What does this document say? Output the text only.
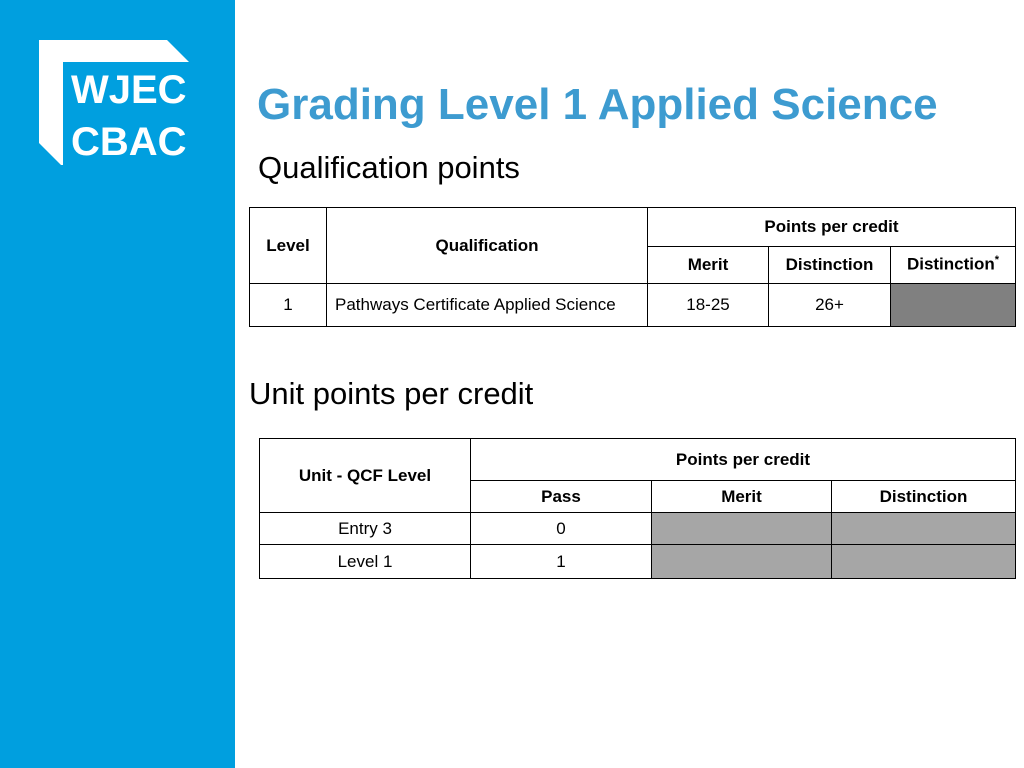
WJEC
CBAC
Grading Level 1 Applied Science
Qualification points
Level	Qualification	Points per credit		
		Merit	Distinction	Distinction*
1	Pathways Certificate Applied Science	18-25	26+	
Unit points per credit
Unit - QCF Level	Points per credit		
	Pass	Merit	Distinction
Entry 3	0		
Level 1	1		
